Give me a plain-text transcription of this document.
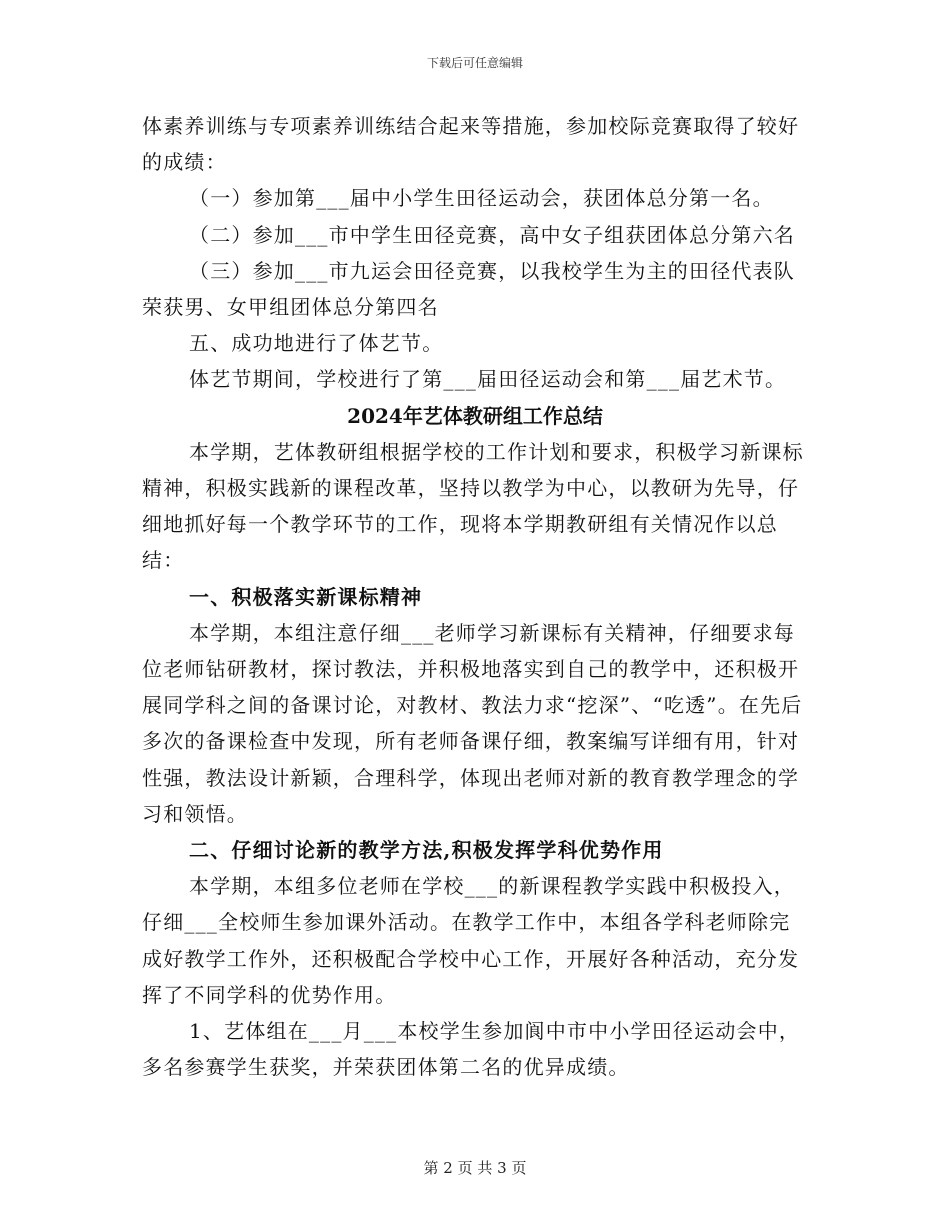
下载后可任意编辑

体素养训练与专项素养训练结合起来等措施，参加校际竞赛取得了较好的成绩：

（一）参加第___届中小学生田径运动会，获团体总分第一名。

（二）参加___市中学生田径竞赛，高中女子组获团体总分第六名

（三）参加___市九运会田径竞赛，以我校学生为主的田径代表队荣获男、女甲组团体总分第四名

五、成功地进行了体艺节。

体艺节期间，学校进行了第___届田径运动会和第___届艺术节。

2024年艺体教研组工作总结

本学期，艺体教研组根据学校的工作计划和要求，积极学习新课标精神，积极实践新的课程改革，坚持以教学为中心，以教研为先导，仔细地抓好每一个教学环节的工作，现将本学期教研组有关情况作以总结：

一、积极落实新课标精神

本学期，本组注意仔细___老师学习新课标有关精神，仔细要求每位老师钻研教材，探讨教法，并积极地落实到自己的教学中，还积极开展同学科之间的备课讨论，对教材、教法力求“挖深”、“吃透”。在先后多次的备课检查中发现，所有老师备课仔细，教案编写详细有用，针对性强，教法设计新颖，合理科学，体现出老师对新的教育教学理念的学习和领悟。

二、仔细讨论新的教学方法,积极发挥学科优势作用

本学期，本组多位老师在学校___的新课程教学实践中积极投入，仔细___全校师生参加课外活动。在教学工作中，本组各学科老师除完成好教学工作外，还积极配合学校中心工作，开展好各种活动，充分发挥了不同学科的优势作用。

1、艺体组在___月___本校学生参加阆中市中小学田径运动会中，多名参赛学生获奖，并荣获团体第二名的优异成绩。

第 2 页 共 3 页
